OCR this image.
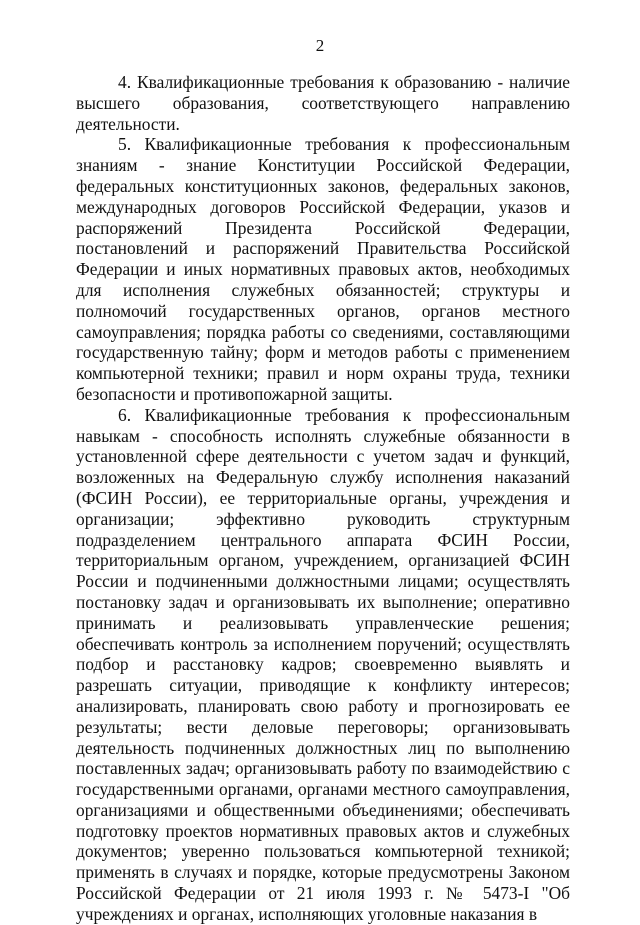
2

4. Квалификационные требования к образованию - наличие высшего образования, соответствующего направлению деятельности.

5. Квалификационные требования к профессиональным знаниям - знание Конституции Российской Федерации, федеральных конституционных законов, федеральных законов, международных договоров Российской Федерации, указов и распоряжений Президента Российской Федерации, постановлений и распоряжений Правительства Российской Федерации и иных нормативных правовых актов, необходимых для исполнения служебных обязанностей; структуры и полномочий государственных органов, органов местного самоуправления; порядка работы со сведениями, составляющими государственную тайну; форм и методов работы с применением компьютерной техники; правил и норм охраны труда, техники безопасности и противопожарной защиты.

6. Квалификационные требования к профессиональным навыкам - способность исполнять служебные обязанности в установленной сфере деятельности с учетом задач и функций, возложенных на Федеральную службу исполнения наказаний (ФСИН России), ее территориальные органы, учреждения и организации; эффективно руководить структурным подразделением центрального аппарата ФСИН России, территориальным органом, учреждением, организацией ФСИН России и подчиненными должностными лицами; осуществлять постановку задач и организовывать их выполнение; оперативно принимать и реализовывать управленческие решения; обеспечивать контроль за исполнением поручений; осуществлять подбор и расстановку кадров; своевременно выявлять и разрешать ситуации, приводящие к конфликту интересов; анализировать, планировать свою работу и прогнозировать ее результаты; вести деловые переговоры; организовывать деятельность подчиненных должностных лиц по выполнению поставленных задач; организовывать работу по взаимодействию с государственными органами, органами местного самоуправления, организациями и общественными объединениями; обеспечивать подготовку проектов нормативных правовых актов и служебных документов; уверенно пользоваться компьютерной техникой; применять в случаях и порядке, которые предусмотрены Законом Российской Федерации от 21 июля 1993 г. № 5473-I "Об учреждениях и органах, исполняющих уголовные наказания в
